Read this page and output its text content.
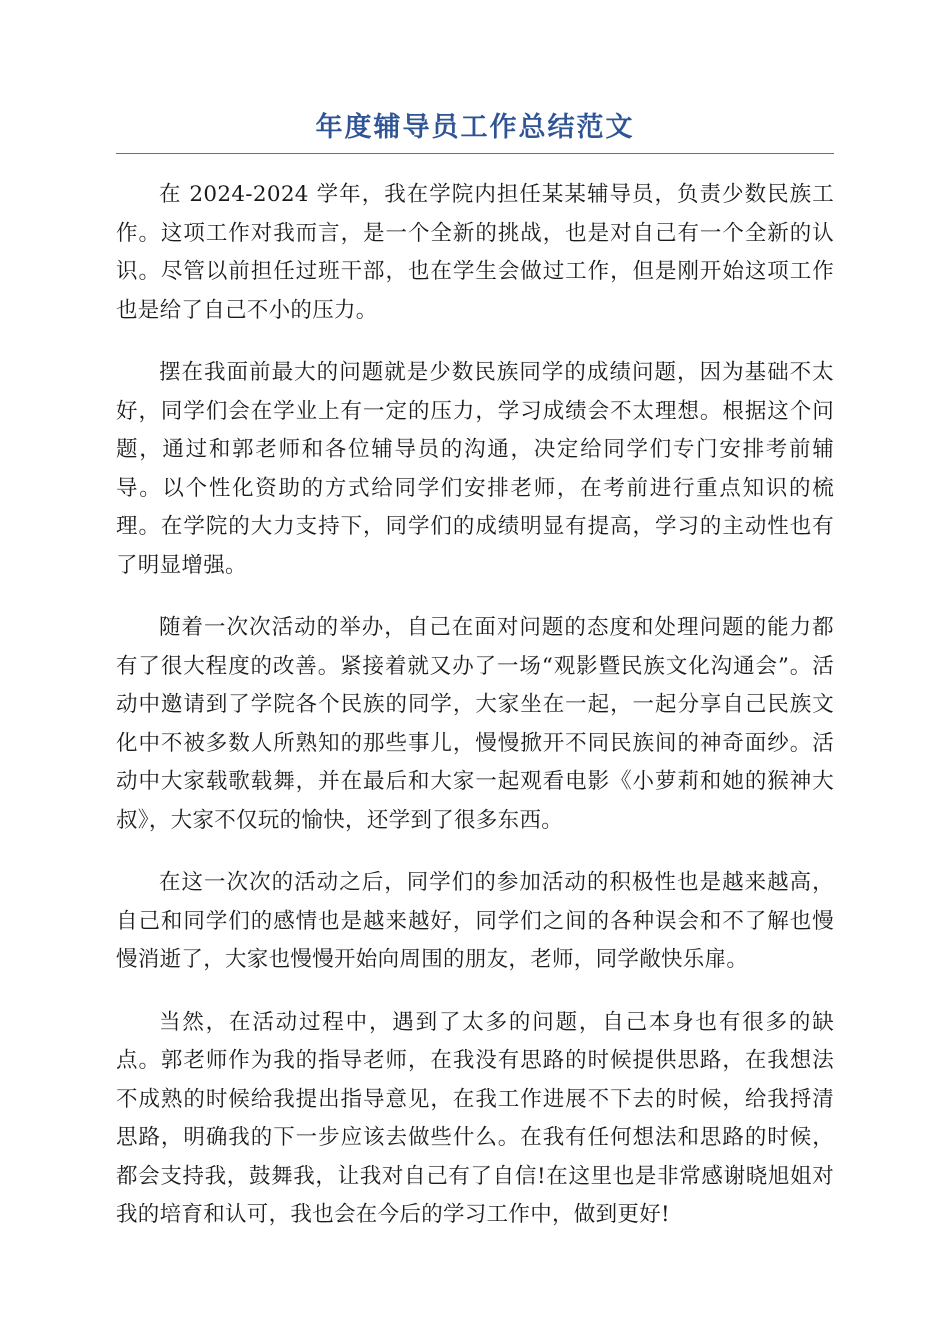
年度辅导员工作总结范文

在 2024-2024 学年，我在学院内担任某某辅导员，负责少数民族工作。这项工作对我而言，是一个全新的挑战，也是对自己有一个全新的认识。尽管以前担任过班干部，也在学生会做过工作，但是刚开始这项工作也是给了自己不小的压力。

摆在我面前最大的问题就是少数民族同学的成绩问题，因为基础不太好，同学们会在学业上有一定的压力，学习成绩会不太理想。根据这个问题，通过和郭老师和各位辅导员的沟通，决定给同学们专门安排考前辅导。以个性化资助的方式给同学们安排老师，在考前进行重点知识的梳理。在学院的大力支持下，同学们的成绩明显有提高，学习的主动性也有了明显增强。

随着一次次活动的举办，自己在面对问题的态度和处理问题的能力都有了很大程度的改善。紧接着就又办了一场“观影暨民族文化沟通会”。活动中邀请到了学院各个民族的同学，大家坐在一起，一起分享自己民族文化中不被多数人所熟知的那些事儿，慢慢掀开不同民族间的神奇面纱。活动中大家载歌载舞，并在最后和大家一起观看电影《小萝莉和她的猴神大叔》，大家不仅玩的愉快，还学到了很多东西。

在这一次次的活动之后，同学们的参加活动的积极性也是越来越高，自己和同学们的感情也是越来越好，同学们之间的各种误会和不了解也慢慢消逝了，大家也慢慢开始向周围的朋友，老师，同学敞快乐扉。

当然，在活动过程中，遇到了太多的问题，自己本身也有很多的缺点。郭老师作为我的指导老师，在我没有思路的时候提供思路，在我想法不成熟的时候给我提出指导意见，在我工作进展不下去的时候，给我捋清思路，明确我的下一步应该去做些什么。在我有任何想法和思路的时候，都会支持我，鼓舞我，让我对自己有了自信!在这里也是非常感谢晓旭姐对我的培育和认可，我也会在今后的学习工作中，做到更好!
